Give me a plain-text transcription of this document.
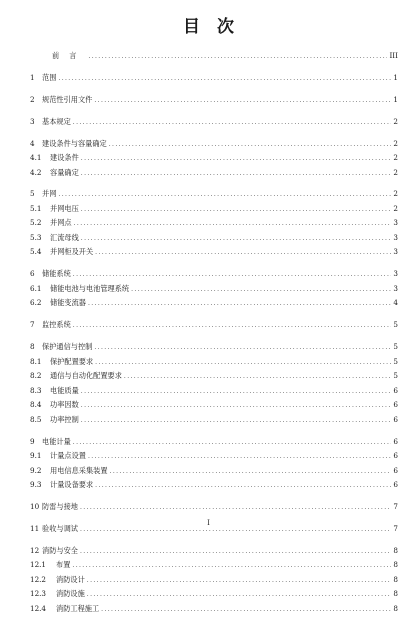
目　次
前言 .....	III
1	范围 .....	1
2	规范性引用文件 .....	1
3	基本规定 .....	2
4	建设条件与容量确定 .....	2
4.1	建设条件 .....	2
4.2	容量确定 .....	2
5	并网 .....	2
5.1	并网电压 .....	2
5.2	并网点 .....	3
5.3	汇流母线 .....	3
5.4	并网柜及开关 .....	3
6	储能系统 .....	3
6.1	储能电池与电池管理系统 .....	3
6.2	储能变流器 .....	4
7	监控系统 .....	5
8	保护通信与控制 .....	5
8.1	保护配置要求 .....	5
8.2	通信与自动化配置要求 .....	5
8.3	电能质量 .....	6
8.4	功率因数 .....	6
8.5	功率控制 .....	6
9	电能计量 .....	6
9.1	计量点设置 .....	6
9.2	用电信息采集装置 .....	6
9.3	计量设备要求 .....	6
10 防雷与接地 .....	7
11 验收与调试 .....	7
12 消防与安全 .....	8
12.1	布置 .....	8
12.2	消防设计 .....	8
12.3	消防设施 .....	8
12.4	消防工程施工 .....	8
I
